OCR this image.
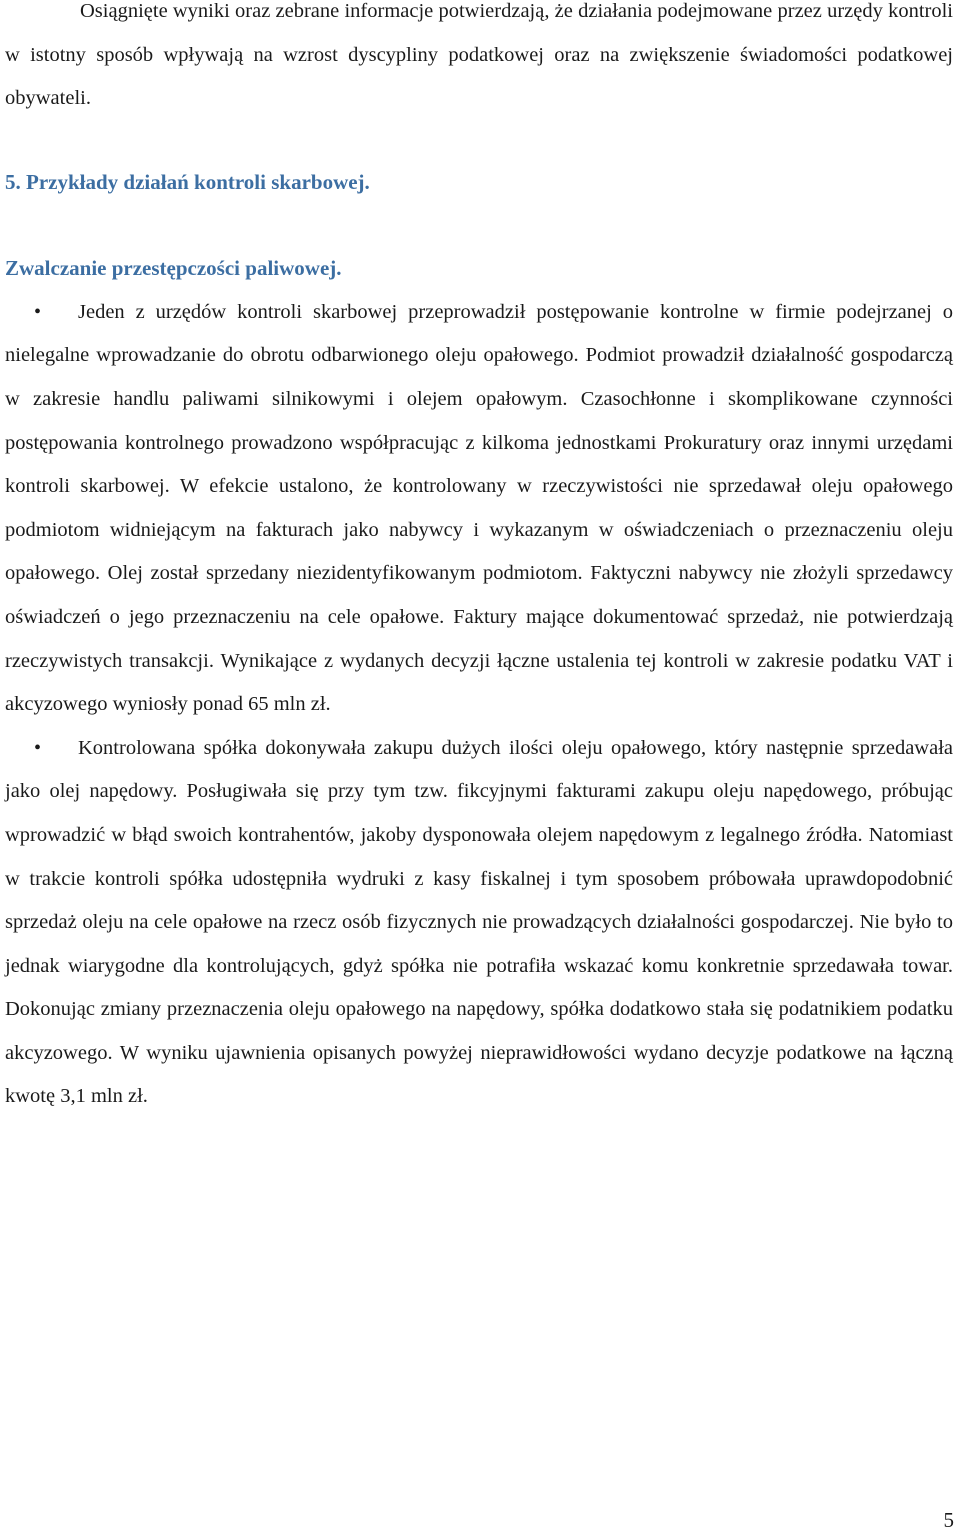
Osiągnięte wyniki oraz zebrane informacje potwierdzają, że działania podejmowane przez urzędy kontroli w istotny sposób wpływają na wzrost dyscypliny podatkowej oraz na zwiększenie świadomości podatkowej obywateli.

5. Przykłady działań kontroli skarbowej.

Zwalczanie przestępczości paliwowej.

•	Jeden z urzędów kontroli skarbowej przeprowadził postępowanie kontrolne w firmie podejrzanej o nielegalne wprowadzanie do obrotu odbarwionego oleju opałowego. Podmiot prowadził działalność gospodarczą w zakresie handlu paliwami silnikowymi i olejem opałowym. Czasochłonne i skomplikowane czynności postępowania kontrolnego prowadzono współpracując z kilkoma jednostkami Prokuratury oraz innymi urzędami kontroli skarbowej. W efekcie ustalono, że kontrolowany w rzeczywistości nie sprzedawał oleju opałowego podmiotom widniejącym na fakturach jako nabywcy i wykazanym w oświadczeniach o przeznaczeniu oleju opałowego. Olej został sprzedany niezidentyfikowanym podmiotom. Faktyczni nabywcy nie złożyli sprzedawcy oświadczeń o jego przeznaczeniu na cele opałowe. Faktury mające dokumentować sprzedaż, nie potwierdzają rzeczywistych transakcji. Wynikające z wydanych decyzji łączne ustalenia tej kontroli w zakresie podatku VAT i akcyzowego wyniosły ponad 65 mln zł.

•	Kontrolowana spółka dokonywała zakupu dużych ilości oleju opałowego, który następnie sprzedawała jako olej napędowy. Posługiwała się przy tym tzw. fikcyjnymi fakturami zakupu oleju napędowego, próbując wprowadzić w błąd swoich kontrahentów, jakoby dysponowała olejem napędowym z legalnego źródła. Natomiast w trakcie kontroli spółka udostępniła wydruki z kasy fiskalnej i tym sposobem próbowała uprawdopodobnić sprzedaż oleju na cele opałowe na rzecz osób fizycznych nie prowadzących działalności gospodarczej. Nie było to jednak wiarygodne dla kontrolujących, gdyż spółka nie potrafiła wskazać komu konkretnie sprzedawała towar. Dokonując zmiany przeznaczenia oleju opałowego na napędowy, spółka dodatkowo stała się podatnikiem podatku akcyzowego. W wyniku ujawnienia opisanych powyżej nieprawidłowości wydano decyzje podatkowe na łączną kwotę 3,1 mln zł.

5
